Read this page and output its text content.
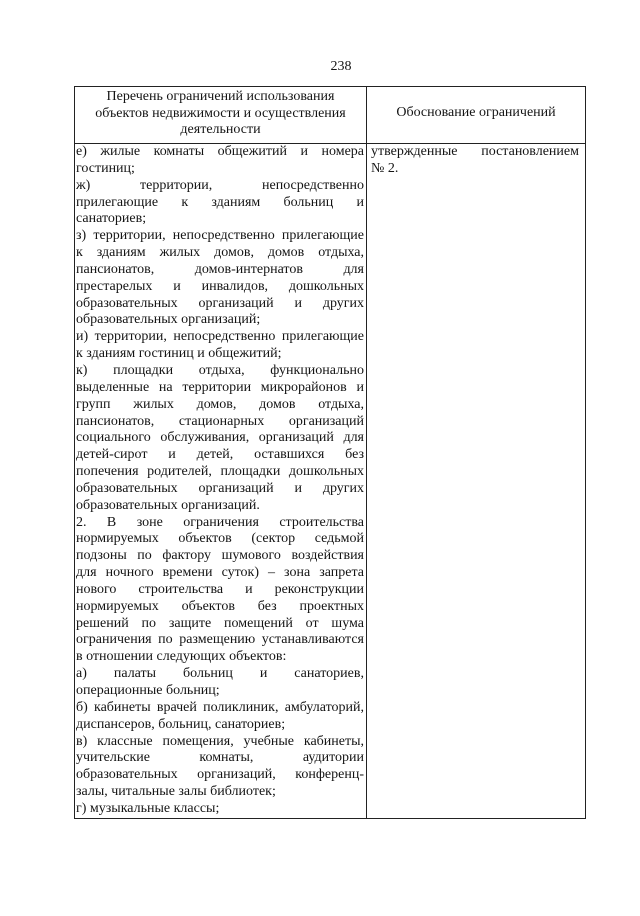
238
Перечень ограничений использования
объектов недвижимости и осуществления
деятельности
Обоснование ограничений
е) жилые комнаты общежитий и номера
гостиниц;
ж) территории, непосредственно
прилегающие к зданиям больниц и
санаториев;
з) территории, непосредственно прилегающие
к зданиям жилых домов, домов отдыха,
пансионатов, домов-интернатов для
престарелых и инвалидов, дошкольных
образовательных организаций и других
образовательных организаций;
и) территории, непосредственно прилегающие
к зданиям гостиниц и общежитий;
к) площадки отдыха, функционально
выделенные на территории микрорайонов и
групп жилых домов, домов отдыха,
пансионатов, стационарных организаций
социального обслуживания, организаций для
детей-сирот и детей, оставшихся без
попечения родителей, площадки дошкольных
образовательных организаций и других
образовательных организаций.
2. В зоне ограничения строительства
нормируемых объектов (сектор седьмой
подзоны по фактору шумового воздействия
для ночного времени суток) – зона запрета
нового строительства и реконструкции
нормируемых объектов без проектных
решений по защите помещений от шума
ограничения по размещению устанавливаются
в отношении следующих объектов:
а) палаты больниц и санаториев,
операционные больниц;
б) кабинеты врачей поликлиник, амбулаторий,
диспансеров, больниц, санаториев;
в) классные помещения, учебные кабинеты,
учительские комнаты, аудитории
образовательных организаций, конференц-
залы, читальные залы библиотек;
г) музыкальные классы;
утвержденные постановлением
№ 2.
